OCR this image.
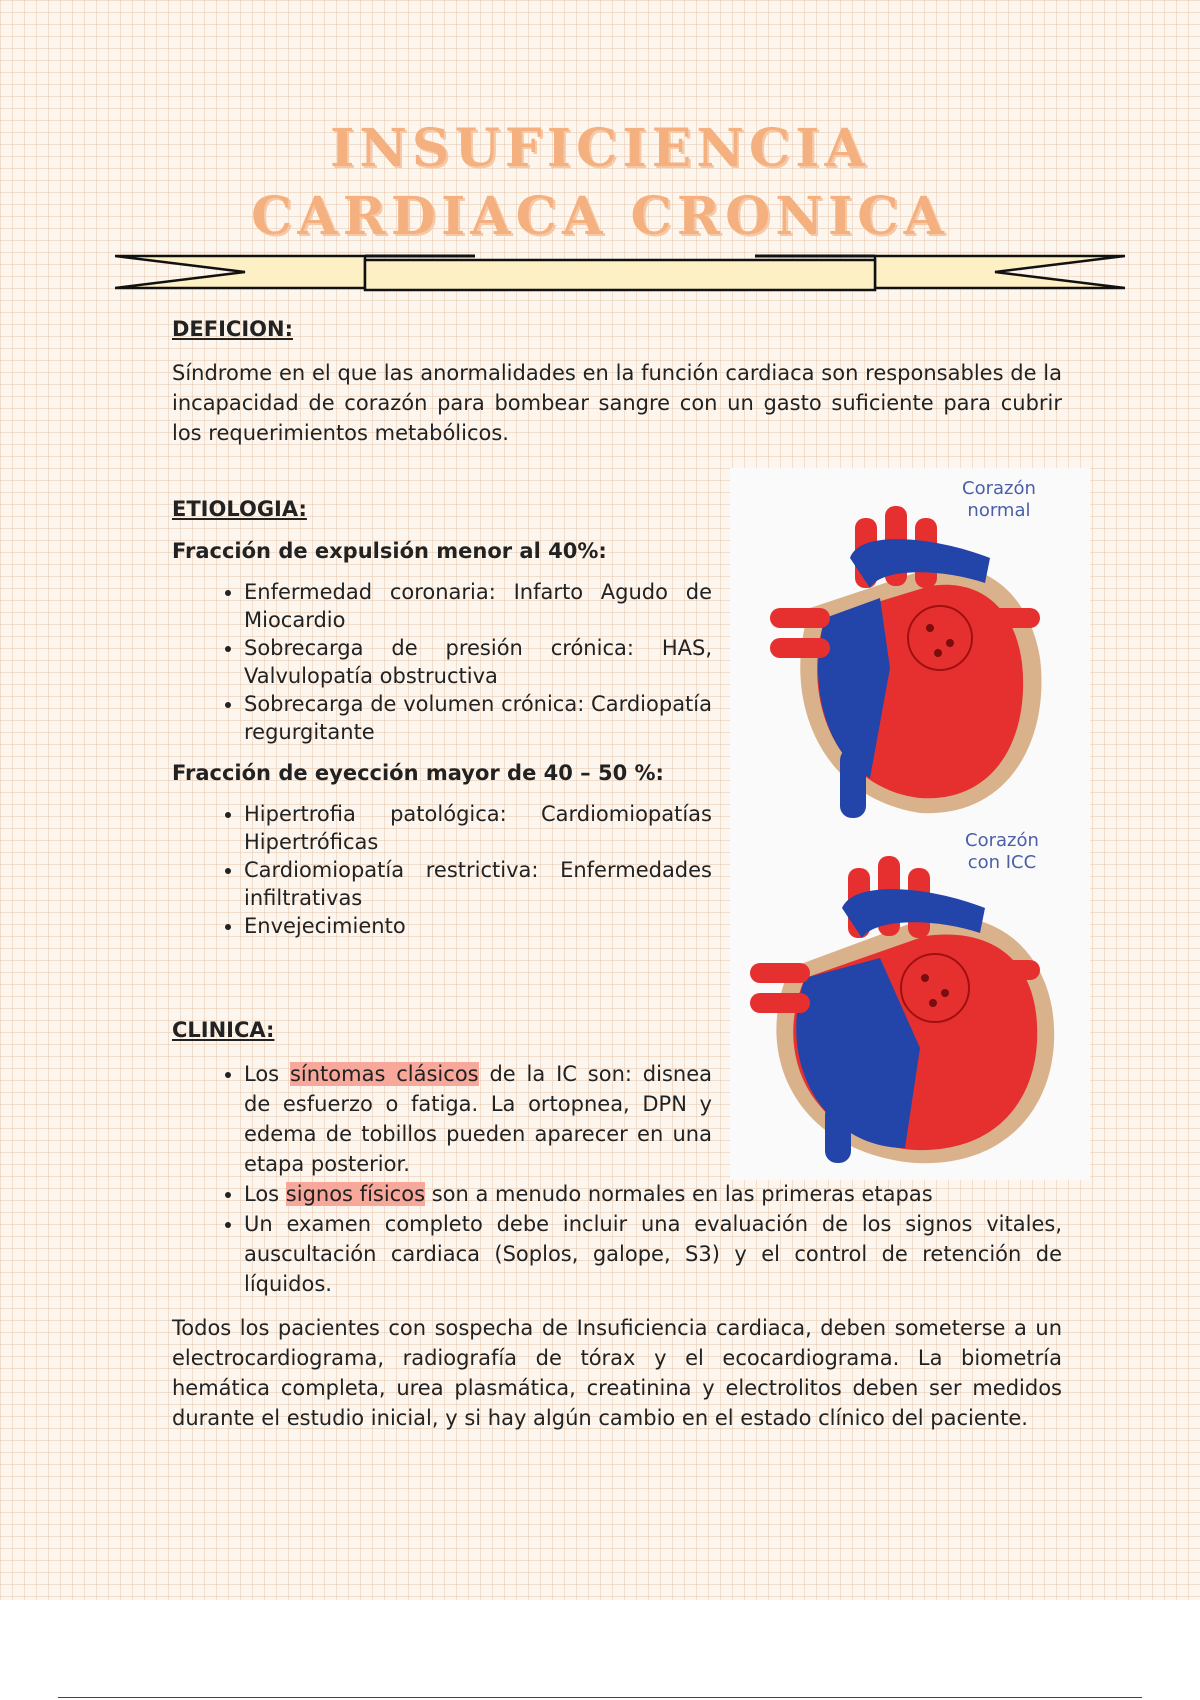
INSUFICIENCIA
CARDIACA CRONICA
DEFICION:

Síndrome en el que las anormalidades en la función cardiaca son responsables de la incapacidad de corazón para bombear sangre con un gasto suficiente para cubrir los requerimientos metabólicos.

ETIOLOGIA:
Fracción de expulsión menor al 40%:
• Enfermedad coronaria: Infarto Agudo de Miocardio
• Sobrecarga de presión crónica: HAS, Valvulopatía obstructiva
• Sobrecarga de volumen crónica: Cardiopatía regurgitante
Fracción de eyección mayor de 40 – 50 %:
• Hipertrofia patológica: Cardiomiopatías Hipertróficas
• Cardiomiopatía restrictiva: Enfermedades infiltrativas
• Envejecimiento
CLINICA:
• Los síntomas clásicos de la IC son: disnea de esfuerzo o fatiga. La ortopnea, DPN y edema de tobillos pueden aparecer en una etapa posterior.
• Los signos físicos son a menudo normales en las primeras etapas
• Un examen completo debe incluir una evaluación de los signos vitales, auscultación cardiaca (Soplos, galope, S3) y el control de retención de líquidos.

Todos los pacientes con sospecha de Insuficiencia cardiaca, deben someterse a un electrocardiograma, radiografía de tórax y el ecocardiograma. La biometría hemática completa, urea plasmática, creatinina y electrolitos deben ser medidos durante el estudio inicial, y si hay algún cambio en el estado clínico del paciente.

Corazón
normal
Corazón
con ICC
